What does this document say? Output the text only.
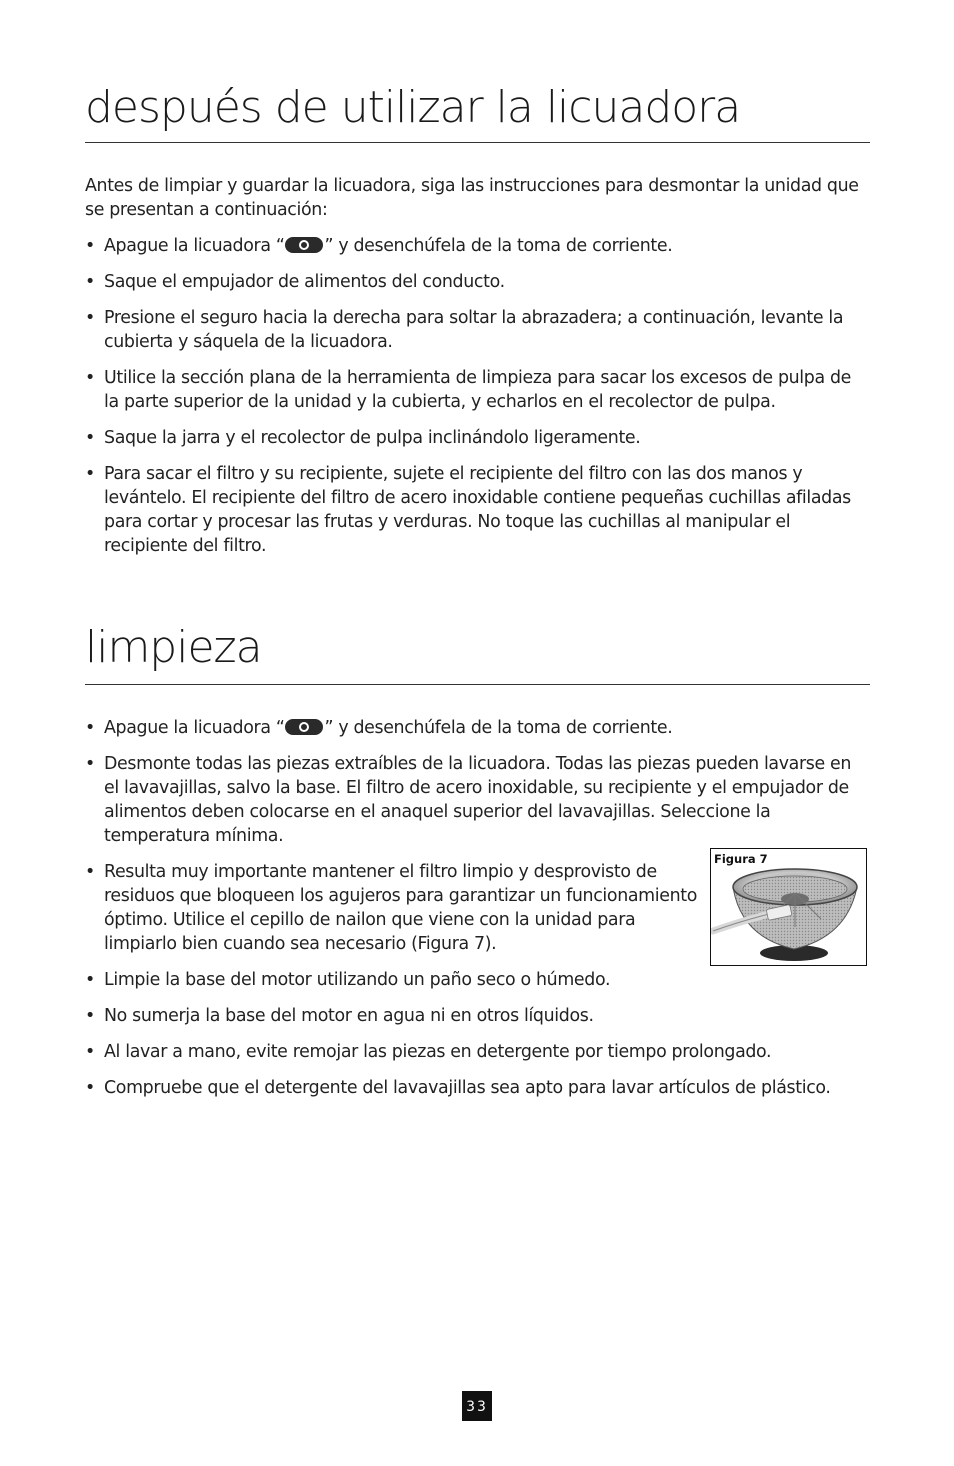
después de utilizar la licuadora

Antes de limpiar y guardar la licuadora, siga las instrucciones para desmontar la unidad que se presentan a continuación:

• Apague la licuadora “ ” y desenchúfela de la toma de corriente.
• Saque el empujador de alimentos del conducto.
• Presione el seguro hacia la derecha para soltar la abrazadera; a continuación, levante la cubierta y sáquela de la licuadora.
• Utilice la sección plana de la herramienta de limpieza para sacar los excesos de pulpa de la parte superior de la unidad y la cubierta, y echarlos en el recolector de pulpa.
• Saque la jarra y el recolector de pulpa inclinándolo ligeramente.
• Para sacar el filtro y su recipiente, sujete el recipiente del filtro con las dos manos y levántelo. El recipiente del filtro de acero inoxidable contiene pequeñas cuchillas afiladas para cortar y procesar las frutas y verduras. No toque las cuchillas al manipular el recipiente del filtro.
limpieza
• Apague la licuadora “ ” y desenchúfela de la toma de corriente.
• Desmonte todas las piezas extraíbles de la licuadora. Todas las piezas pueden lavarse en el lavavajillas, salvo la base. El filtro de acero inoxidable, su recipiente y el empujador de alimentos deben colocarse en el anaquel superior del lavavajillas. Seleccione la temperatura mínima.
• Resulta muy importante mantener el filtro limpio y desprovisto de residuos que bloqueen los agujeros para garantizar un funcionamiento óptimo. Utilice el cepillo de nailon que viene con la unidad para limpiarlo bien cuando sea necesario (Figura 7).
• Limpie la base del motor utilizando un paño seco o húmedo.
• No sumerja la base del motor en agua ni en otros líquidos.
• Al lavar a mano, evite remojar las piezas en detergente por tiempo prolongado.
• Compruebe que el detergente del lavavajillas sea apto para lavar artículos de plástico.
Figura 7
33
